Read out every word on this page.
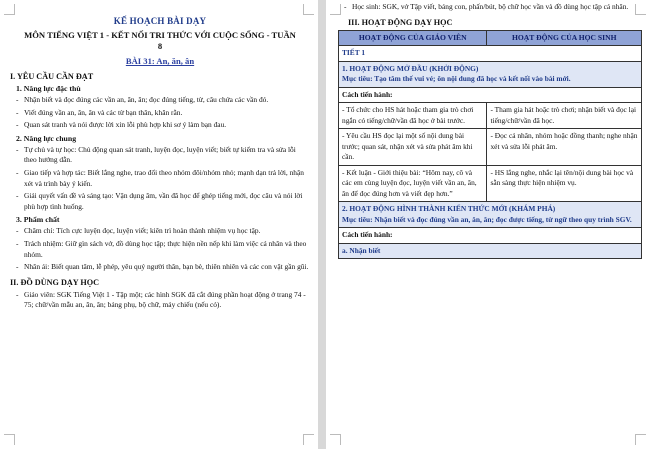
KẾ HOẠCH BÀI DẠY
MÔN TIẾNG VIỆT 1 - KẾT NỐI TRI THỨC VỚI CUỘC SỐNG - TUẦN
8
BÀI 31: An, ăn, ân
I. YÊU CẦU CẦN ĐẠT
1. Năng lực đặc thù
- Nhận biết và đọc đúng các vần an, ăn, ân; đọc đúng tiếng, từ, câu chứa các vần đó.
- Viết đúng vần an, ăn, ân và các từ bạn thân, khăn rằn.
- Quan sát tranh và nói được lời xin lỗi phù hợp khi sơ ý làm bạn đau.
2. Năng lực chung
- Tự chủ và tự học: Chủ động quan sát tranh, luyện đọc, luyện viết; biết tự kiểm tra và sửa lỗi theo hướng dẫn.
- Giao tiếp và hợp tác: Biết lắng nghe, trao đổi theo nhóm đôi/nhóm nhỏ; mạnh dạn trả lời, nhận xét và trình bày ý kiến.
- Giải quyết vấn đề và sáng tạo: Vận dụng âm, vần đã học để ghép tiếng mới, đọc câu và nói lời phù hợp tình huống.
3. Phẩm chất
- Chăm chỉ: Tích cực luyện đọc, luyện viết; kiên trì hoàn thành nhiệm vụ học tập.
- Trách nhiệm: Giữ gìn sách vở, đồ dùng học tập; thực hiện nền nếp khi làm việc cá nhân và theo nhóm.
- Nhân ái: Biết quan tâm, lễ phép, yêu quý người thân, bạn bè, thiên nhiên và các con vật gần gũi.
II. ĐỒ DÙNG DẠY HỌC
- Giáo viên: SGK Tiếng Việt 1 - Tập một; các hình SGK đã cắt đúng phần hoạt động ở trang 74 - 75; chữ/vần mẫu an, ăn, ân; bảng phụ, bộ chữ, máy chiếu (nếu có).
- Học sinh: SGK, vở Tập viết, bảng con, phấn/bút, bộ chữ học vần và đồ dùng học tập cá nhân.
III. HOẠT ĐỘNG DẠY HỌC
HOẠT ĐỘNG CỦA GIÁO VIÊN	HOẠT ĐỘNG CỦA HỌC SINH
TIẾT 1	

1. HOẠT ĐỘNG MỞ ĐẦU (KHỞI ĐỘNG)
Mục tiêu: Tạo tâm thế vui vẻ; ôn nội dung đã học và kết nối vào bài mới.	

Cách tiến hành:	
- Tổ chức cho HS hát hoặc tham gia trò chơi ngắn có tiếng/chữ/vần đã học ở bài trước.	- Tham gia hát hoặc trò chơi; nhận biết và đọc lại tiếng/chữ/vần đã học.
- Yêu cầu HS đọc lại một số nội dung bài trước; quan sát, nhận xét và sửa phát âm khi cần.	- Đọc cá nhân, nhóm hoặc đồng thanh; nghe nhận xét và sửa lỗi phát âm.
- Kết luận - Giới thiệu bài: “Hôm nay, cô và các em cùng luyện đọc, luyện viết vần an, ăn, ân để đọc đúng hơn và viết đẹp hơn.”	- HS lắng nghe, nhắc lại tên/nội dung bài học và sẵn sàng thực hiện nhiệm vụ.

2. HOẠT ĐỘNG HÌNH THÀNH KIẾN THỨC MỚI (KHÁM PHÁ)
Mục tiêu: Nhận biết và đọc đúng vần an, ăn, ân; đọc được tiếng, từ ngữ theo quy trình SGV.	

Cách tiến hành:	
a. Nhận biết	
